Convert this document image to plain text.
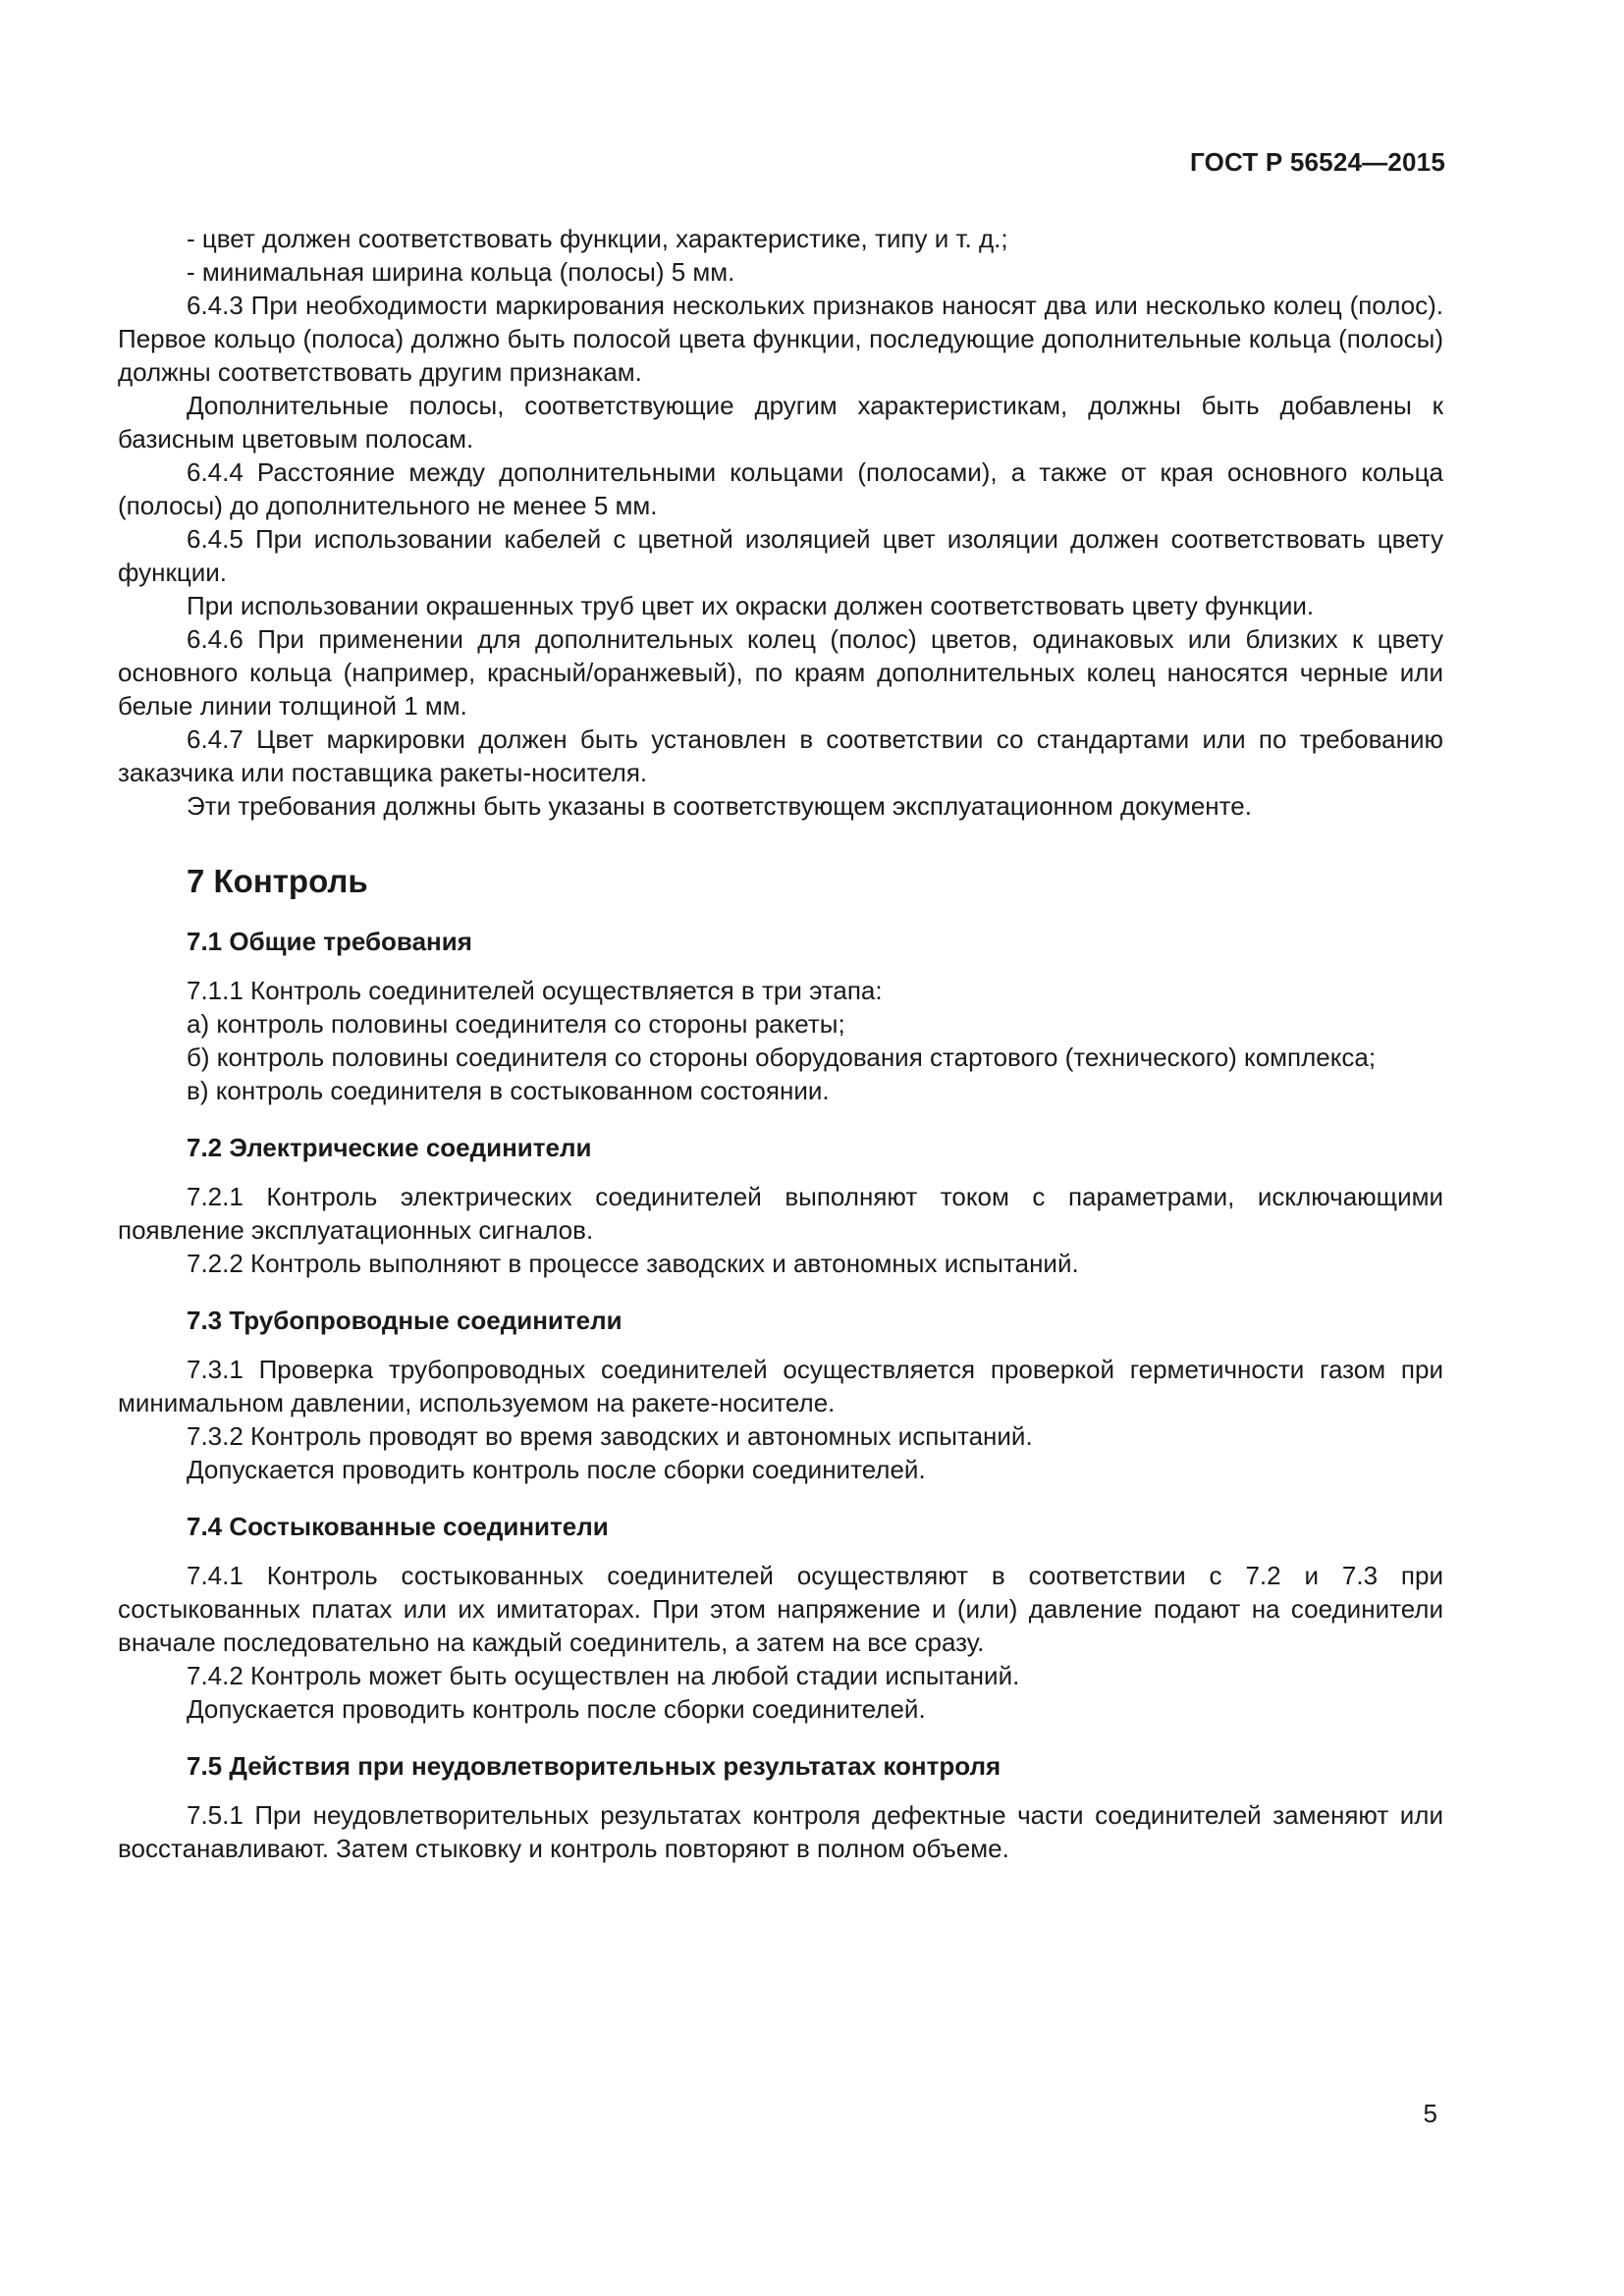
ГОСТ Р 56524—2015

- цвет должен соответствовать функции, характеристике, типу и т. д.;

- минимальная ширина кольца (полосы) 5 мм.

6.4.3 При необходимости маркирования нескольких признаков наносят два или несколько колец (полос). Первое кольцо (полоса) должно быть полосой цвета функции, последующие дополнительные кольца (полосы) должны соответствовать другим признакам.

Дополнительные полосы, соответствующие другим характеристикам, должны быть добавлены к базисным цветовым полосам.

6.4.4 Расстояние между дополнительными кольцами (полосами), а также от края основного кольца (полосы) до дополнительного не менее 5 мм.

6.4.5 При использовании кабелей с цветной изоляцией цвет изоляции должен соответствовать цвету функции.

При использовании окрашенных труб цвет их окраски должен соответствовать цвету функции.

6.4.6 При применении для дополнительных колец (полос) цветов, одинаковых или близких к цвету основного кольца (например, красный/оранжевый), по краям дополнительных колец наносятся черные или белые линии толщиной 1 мм.

6.4.7 Цвет маркировки должен быть установлен в соответствии со стандартами или по требованию заказчика или поставщика ракеты-носителя.

Эти требования должны быть указаны в соответствующем эксплуатационном документе.

7 Контроль
7.1 Общие требования

7.1.1 Контроль соединителей осуществляется в три этапа:

а) контроль половины соединителя со стороны ракеты;

б) контроль половины соединителя со стороны оборудования стартового (технического) комплекса;

в) контроль соединителя в состыкованном состоянии.

7.2 Электрические соединители

7.2.1 Контроль электрических соединителей выполняют током с параметрами, исключающими появление эксплуатационных сигналов.

7.2.2 Контроль выполняют в процессе заводских и автономных испытаний.

7.3 Трубопроводные соединители

7.3.1 Проверка трубопроводных соединителей осуществляется проверкой герметичности газом при минимальном давлении, используемом на ракете-носителе.

7.3.2 Контроль проводят во время заводских и автономных испытаний.

Допускается проводить контроль после сборки соединителей.

7.4 Состыкованные соединители

7.4.1 Контроль состыкованных соединителей осуществляют в соответствии с 7.2 и 7.3 при состыкованных платах или их имитаторах. При этом напряжение и (или) давление подают на соединители вначале последовательно на каждый соединитель, а затем на все сразу.

7.4.2 Контроль может быть осуществлен на любой стадии испытаний.

Допускается проводить контроль после сборки соединителей.

7.5 Действия при неудовлетворительных результатах контроля

7.5.1 При неудовлетворительных результатах контроля дефектные части соединителей заменяют или восстанавливают. Затем стыковку и контроль повторяют в полном объеме.

5
